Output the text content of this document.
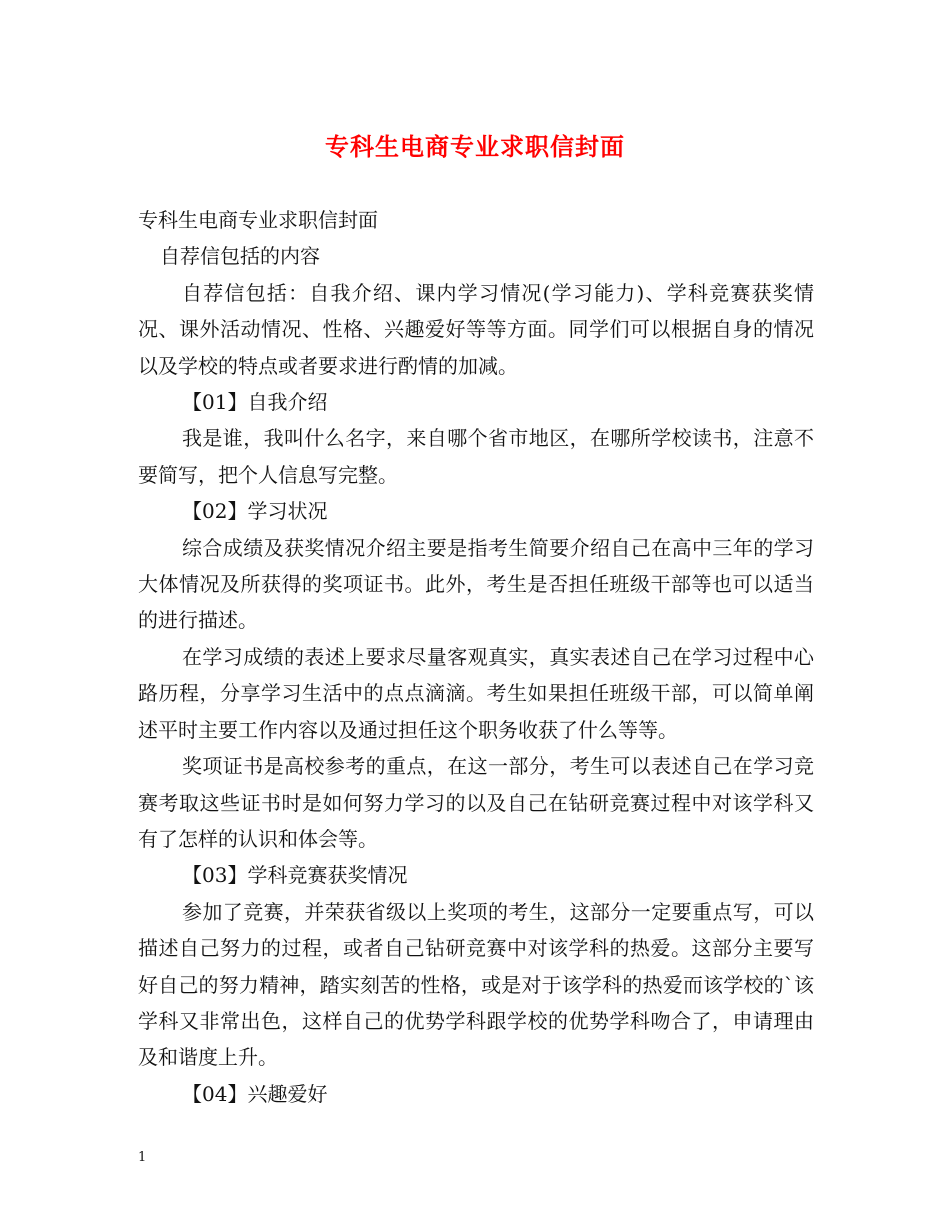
专科生电商专业求职信封面

专科生电商专业求职信封面

自荐信包括的内容

自荐信包括：自我介绍、课内学习情况(学习能力)、学科竞赛获奖情况、课外活动情况、性格、兴趣爱好等等方面。同学们可以根据自身的情况以及学校的特点或者要求进行酌情的加减。

【01】自我介绍

我是谁，我叫什么名字，来自哪个省市地区，在哪所学校读书，注意不要简写，把个人信息写完整。

【02】学习状况

综合成绩及获奖情况介绍主要是指考生简要介绍自己在高中三年的学习大体情况及所获得的奖项证书。此外，考生是否担任班级干部等也可以适当的进行描述。

在学习成绩的表述上要求尽量客观真实，真实表述自己在学习过程中心路历程，分享学习生活中的点点滴滴。考生如果担任班级干部，可以简单阐述平时主要工作内容以及通过担任这个职务收获了什么等等。

奖项证书是高校参考的重点，在这一部分，考生可以表述自己在学习竞赛考取这些证书时是如何努力学习的以及自己在钻研竞赛过程中对该学科又有了怎样的认识和体会等。

【03】学科竞赛获奖情况

参加了竞赛，并荣获省级以上奖项的考生，这部分一定要重点写，可以描述自己努力的过程，或者自己钻研竞赛中对该学科的热爱。这部分主要写好自己的努力精神，踏实刻苦的性格，或是对于该学科的热爱而该学校的`该学科又非常出色，这样自己的优势学科跟学校的优势学科吻合了，申请理由及和谐度上升。

【04】兴趣爱好

1
